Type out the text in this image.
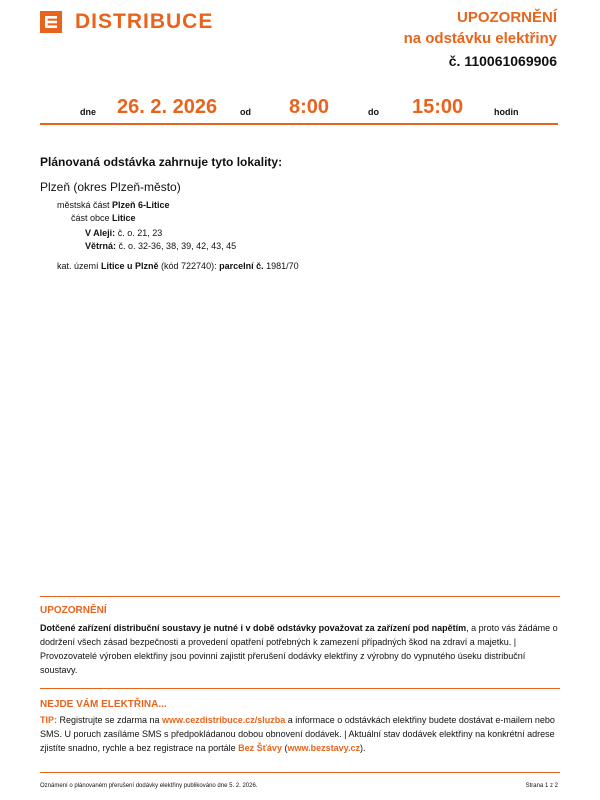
DISTRIBUCE	UPOZORNĚNÍ
na odstávku elektřiny
č. 110061069906
dne 26. 2. 2026	od 8:00	do 15:00	hodin
Plánovaná odstávka zahrnuje tyto lokality:
Plzeň (okres Plzeň-město)
městská část Plzeň 6-Litice
část obce Litice
V Aleji: č. o. 21, 23
Větrná: č. o. 32-36, 38, 39, 42, 43, 45
kat. území Litice u Plzně (kód 722740): parcelní č. 1981/70
UPOZORNĚNÍ
Dotčené zařízení distribuční soustavy je nutné i v době odstávky považovat za zařízení pod napětím, a proto vás žádáme o dodržení všech zásad bezpečnosti a provedení opatření potřebných k zamezení případných škod na zdraví a majetku. | Provozovatelé výroben elektřiny jsou povinni zajistit přerušení dodávky elektřiny z výrobny do vypnutého úseku distribuční soustavy.
NEJDE VÁM ELEKTŘINA...
TIP: Registrujte se zdarma na www.cezdistribuce.cz/sluzba a informace o odstávkách elektřiny budete dostávat e-mailem nebo SMS. U poruch zasíláme SMS s předpokládanou dobou obnovení dodávek. | Aktuální stav dodávek elektřiny na konkrétní adrese zjistíte snadno, rychle a bez registrace na portále Bez Šťávy (www.bezstavy.cz).
Oznámení o plánovaném přerušení dodávky elektřiny publikováno dne 5. 2. 2026.	Strana 1 z 2
